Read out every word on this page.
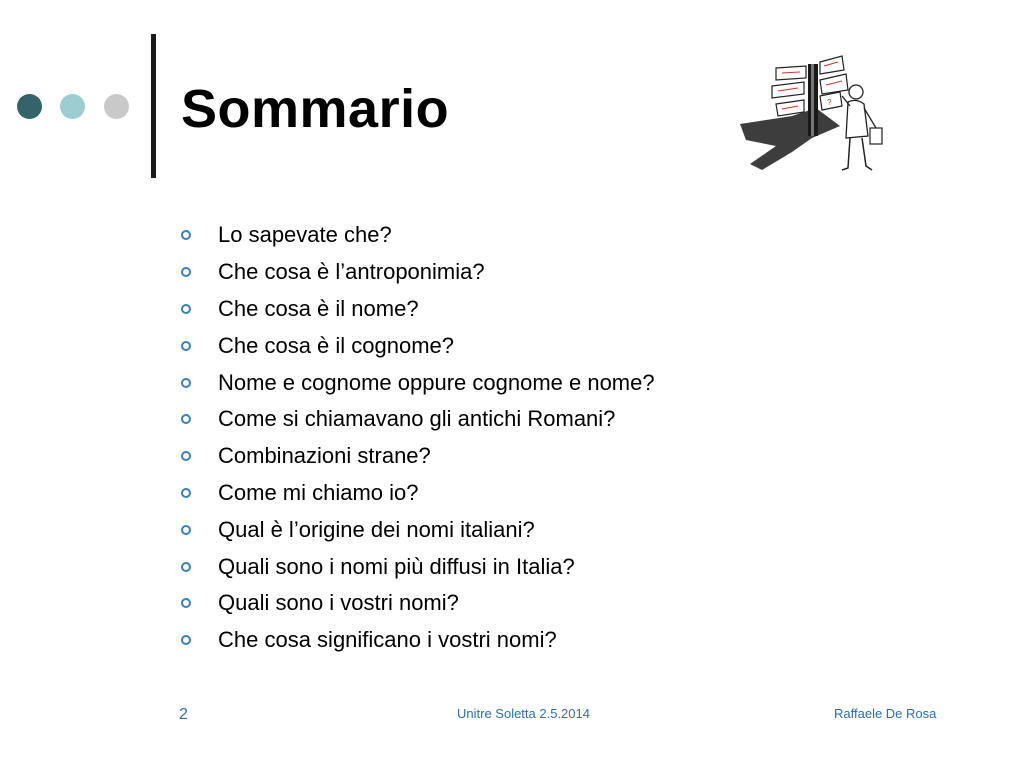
Sommario	?
Lo sapevate che?
Che cosa è l’antroponimia?
Che cosa è il nome?
Che cosa è il cognome?
Nome e cognome oppure cognome e nome?
Come si chiamavano gli antichi Romani?
Combinazioni strane?
Come mi chiamo io?
Qual è l’origine dei nomi italiani?
Quali sono i nomi più diffusi in Italia?
Quali sono i vostri nomi?
Che cosa significano i vostri nomi?
2	Unitre Soletta 2.5.2014	Raffaele De Rosa
